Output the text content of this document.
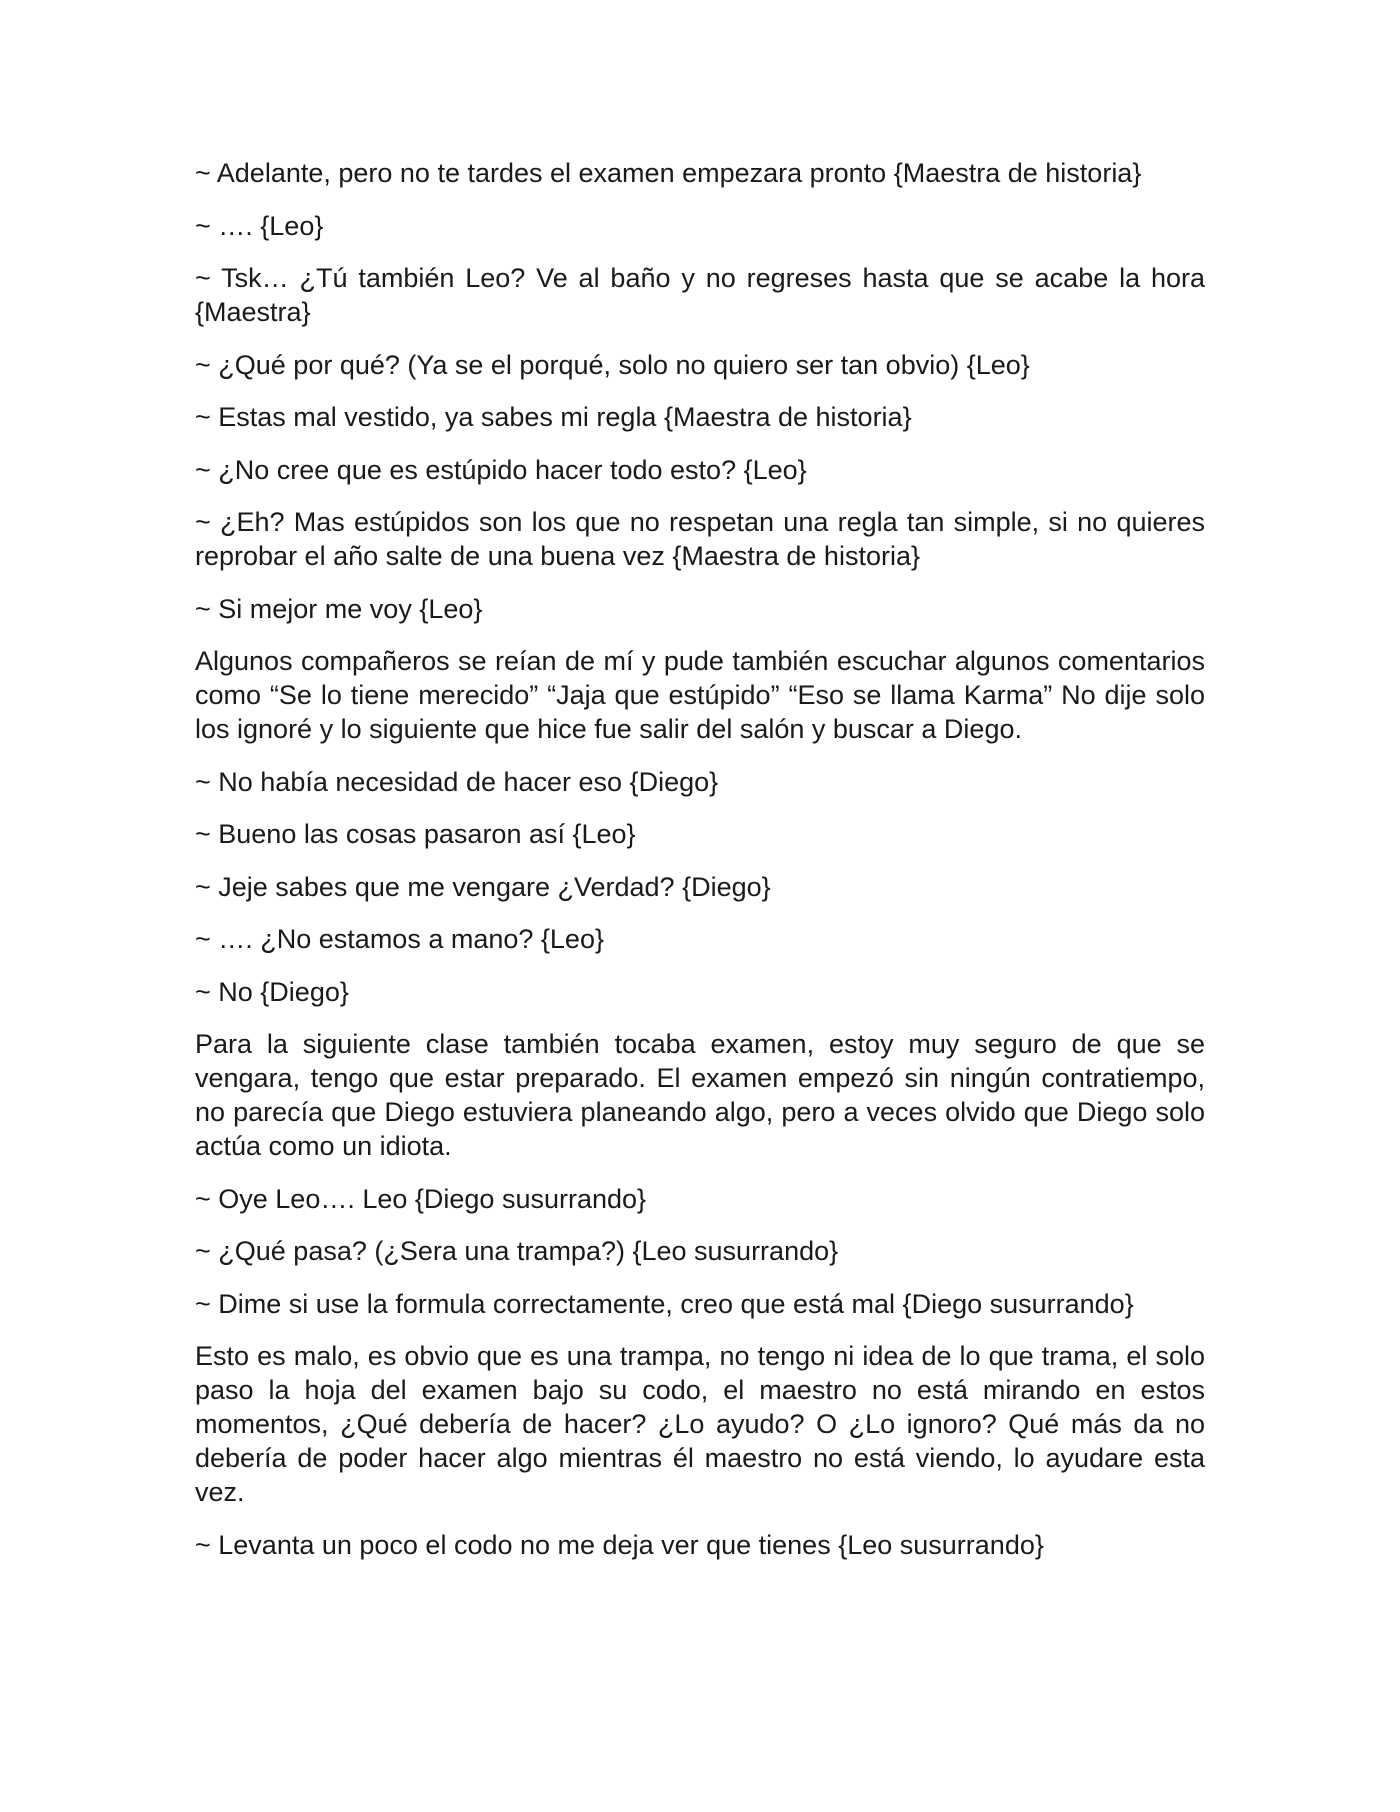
~ Adelante, pero no te tardes el examen empezara pronto {Maestra de historia}

~ …. {Leo}

~ Tsk… ¿Tú también Leo? Ve al baño y no regreses hasta que se acabe la hora {Maestra}

~ ¿Qué por qué? (Ya se el porqué, solo no quiero ser tan obvio) {Leo}

~ Estas mal vestido, ya sabes mi regla {Maestra de historia}

~ ¿No cree que es estúpido hacer todo esto? {Leo}

~ ¿Eh? Mas estúpidos son los que no respetan una regla tan simple, si no quieres reprobar el año salte de una buena vez {Maestra de historia}

~ Si mejor me voy {Leo}

Algunos compañeros se reían de mí y pude también escuchar algunos comentarios como “Se lo tiene merecido” “Jaja que estúpido” “Eso se llama Karma” No dije solo los ignoré y lo siguiente que hice fue salir del salón y buscar a Diego.

~ No había necesidad de hacer eso {Diego}

~ Bueno las cosas pasaron así {Leo}

~ Jeje sabes que me vengare ¿Verdad? {Diego}

~ …. ¿No estamos a mano? {Leo}

~ No {Diego}

Para la siguiente clase también tocaba examen, estoy muy seguro de que se vengara, tengo que estar preparado. El examen empezó sin ningún contratiempo, no parecía que Diego estuviera planeando algo, pero a veces olvido que Diego solo actúa como un idiota.

~ Oye Leo…. Leo {Diego susurrando}

~ ¿Qué pasa? (¿Sera una trampa?) {Leo susurrando}

~ Dime si use la formula correctamente, creo que está mal {Diego susurrando}

Esto es malo, es obvio que es una trampa, no tengo ni idea de lo que trama, el solo paso la hoja del examen bajo su codo, el maestro no está mirando en estos momentos, ¿Qué debería de hacer? ¿Lo ayudo? O ¿Lo ignoro? Qué más da no debería de poder hacer algo mientras él maestro no está viendo, lo ayudare esta vez.

~ Levanta un poco el codo no me deja ver que tienes {Leo susurrando}
